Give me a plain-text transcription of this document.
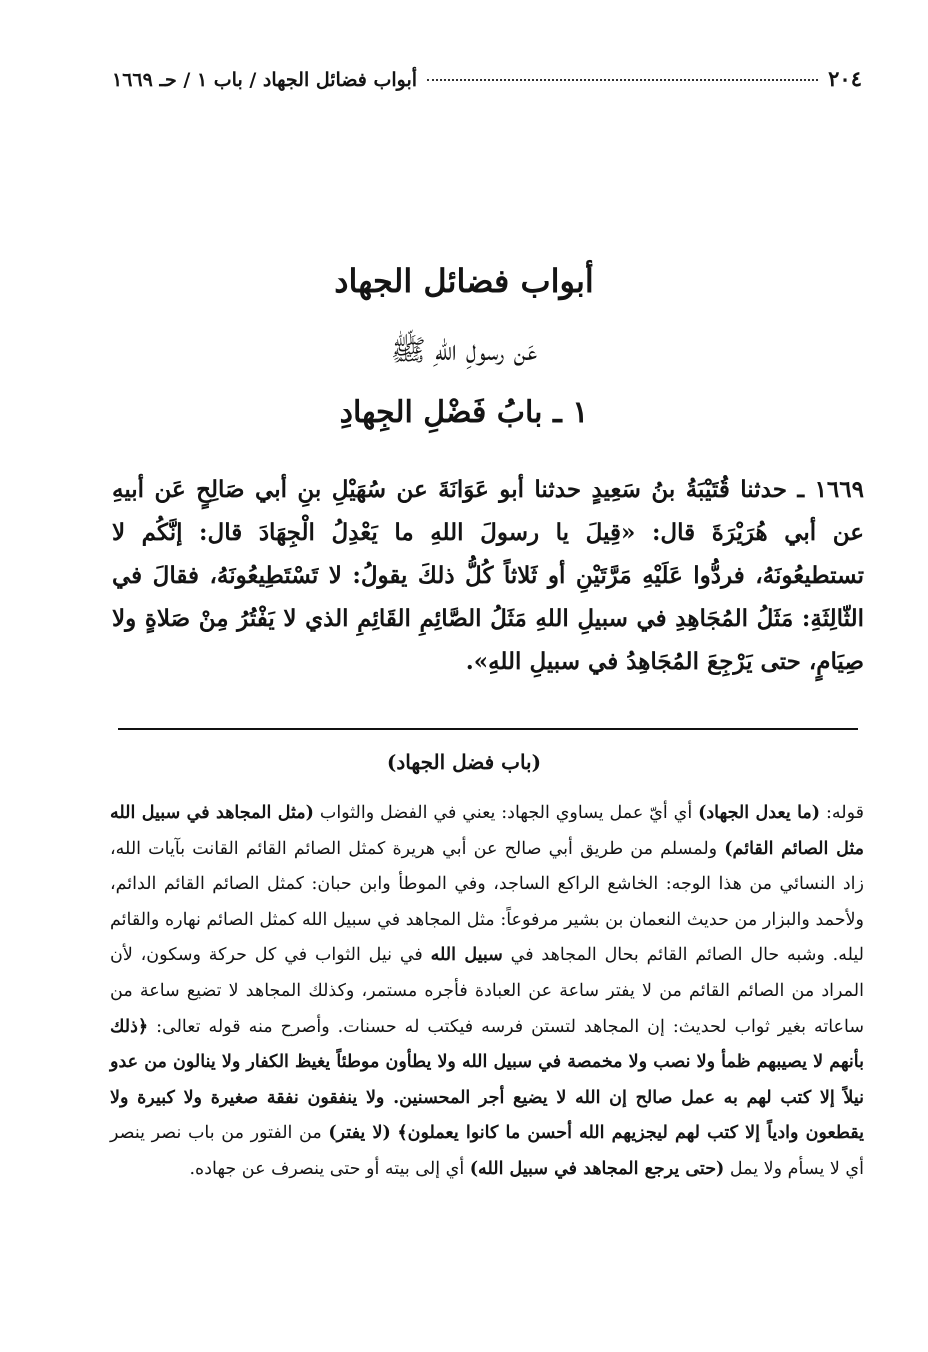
٢٠٤
أبواب فضائل الجهاد / باب ١ / حـ ١٦٦٩
أبواب فضائل الجهاد
عَن رسولِ اللهِ ﷺ
١ ـ بابُ فَضْلِ الجِهادِ
١٦٦٩ ـ حدثنا قُتَيْبَةُ بنُ سَعِيدٍ حدثنا أبو عَوَانَةَ عن سُهَيْلِ بنِ أبي صَالِحٍ عَن أبيهِ عن أبي هُرَيْرَةَ قال: «قِيلَ يا رسولَ اللهِ ما يَعْدِلُ الْجِهَادَ قال: إنَّكُم لا تستطيعُونَهُ، فردُّوا عَلَيْهِ مَرَّتَيْنِ أو ثَلاثاً كُلُّ ذلكَ يقولُ: لا تَسْتَطِيعُونَهُ، فقالَ في الثّالِثَةِ: مَثَلُ المُجَاهِدِ في سبيلِ اللهِ مَثَلُ الصَّائِمِ القَائِمِ الذي لا يَفْتُرُ مِنْ صَلاةٍ ولا صِيَامٍ، حتى يَرْجِعَ المُجَاهِدُ في سبيلِ اللهِ».
(باب فضل الجهاد)
قوله: (ما يعدل الجهاد) أي أيّ عمل يساوي الجهاد: يعني في الفضل والثواب (مثل المجاهد في سبيل الله مثل الصائم القائم) ولمسلم من طريق أبي صالح عن أبي هريرة كمثل الصائم القائم القانت بآيات الله، زاد النسائي من هذا الوجه: الخاشع الراكع الساجد، وفي الموطأ وابن حبان: كمثل الصائم القائم الدائم، ولأحمد والبزار من حديث النعمان بن بشير مرفوعاً: مثل المجاهد في سبيل الله كمثل الصائم نهاره والقائم ليله. وشبه حال الصائم القائم بحال المجاهد في سبيل الله في نيل الثواب في كل حركة وسكون، لأن المراد من الصائم القائم من لا يفتر ساعة عن العبادة فأجره مستمر، وكذلك المجاهد لا تضيع ساعة من ساعاته بغير ثواب لحديث: إن المجاهد لتستن فرسه فيكتب له حسنات. وأصرح منه قوله تعالى: ﴿ذلك بأنهم لا يصيبهم ظمأ ولا نصب ولا مخمصة في سبيل الله ولا يطأون موطئاً يغيظ الكفار ولا ينالون من عدو نيلاً إلا كتب لهم به عمل صالح إن الله لا يضيع أجر المحسنين. ولا ينفقون نفقة صغيرة ولا كبيرة ولا يقطعون وادياً إلا كتب لهم ليجزيهم الله أحسن ما كانوا يعملون﴾ (لا يفتر) من الفتور من باب نصر ينصر أي لا يسأم ولا يمل (حتى يرجع المجاهد في سبيل الله) أي إلى بيته أو حتى ينصرف عن جهاده.
